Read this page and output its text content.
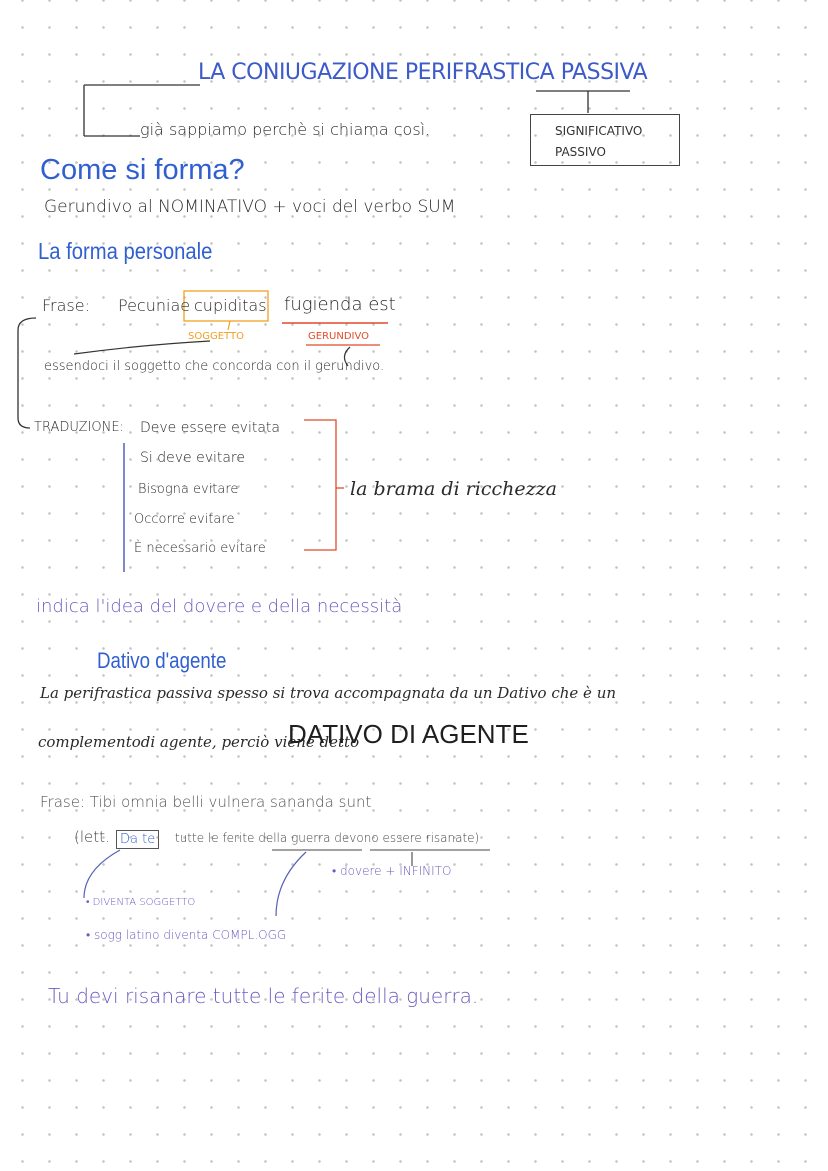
LA CONIUGAZIONE PERIFRASTICA PASSIVA
già sappiamo perchè si chiama così.	SIGNIFICATIVO
PASSIVO
Come si forma?
Gerundivo al NOMINATIVO + voci del verbo SUM
La forma personale
Frase: Pecuniae cupiditas fugienda est
SOGGETTO	GERUNDIVO
essendoci il soggetto che concorda con il gerundivo.
TRADUZIONE: Deve essere evitata
Si deve evitare
Bisogna evitare
Occorre evitare
È necessario evitare
la brama di ricchezza
indica l'idea del dovere e della necessità
Dativo d'agente
La perifrastica passiva spesso si trova accompagnata da un Dativo che è un
complementodi agente, perciò viene detto
DATIVO DI AGENTE
Frase: Tibi omnia belli vulnera sananda sunt
(lett. Da te	tutte le ferite della guerra devono essere risanate)
• dovere + INFINITO
• DIVENTA SOGGETTO
• sogg latino diventa COMPL.OGG
Tu devi risanare tutte le ferite della guerra.
